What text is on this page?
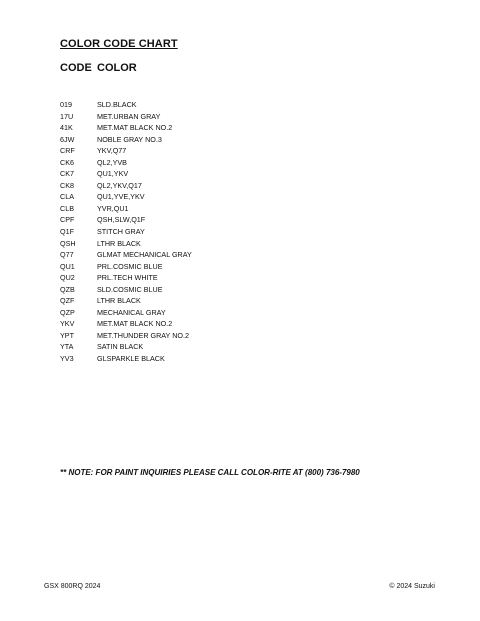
COLOR CODE CHART
CODE COLOR
019	SLD.BLACK
17U	MET.URBAN GRAY
41K	MET.MAT BLACK NO.2
6JW	NOBLE GRAY NO.3
CRF	YKV,Q77
CK6	QL2,YVB
CK7	QU1,YKV
CK8	QL2,YKV,Q17
CLA	QU1,YVE,YKV
CLB	YVR,QU1
CPF	QSH,SLW,Q1F
Q1F	STITCH GRAY
QSH	LTHR BLACK
Q77	GLMAT MECHANICAL GRAY
QU1	PRL.COSMIC BLUE
QU2	PRL.TECH WHITE
QZB	SLD.COSMIC BLUE
QZF	LTHR BLACK
QZP	MECHANICAL GRAY
YKV	MET.MAT BLACK NO.2
YPT	MET.THUNDER GRAY NO.2
YTA	SATIN BLACK
YV3	GLSPARKLE BLACK
** NOTE: FOR PAINT INQUIRIES PLEASE CALL COLOR-RITE AT (800) 736-7980
GSX 800RQ 2024	© 2024 Suzuki
